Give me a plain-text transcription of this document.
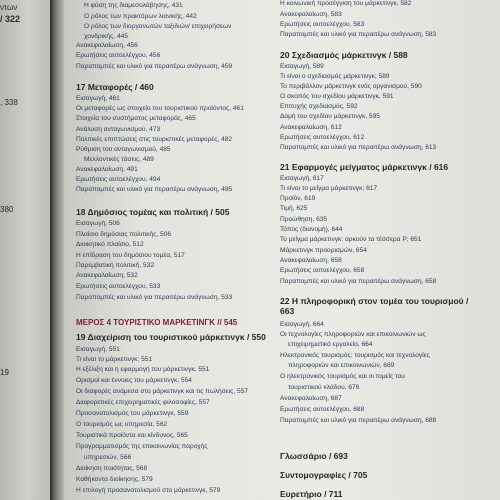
ντων
/ 322
, 338
380
19
Η φύση της διαμεσολάβησης, 431
Ο ρόλος των πρακτόρων λιανικής, 442
Ο ρόλος των διοργανωτών ταξιδιών/ επιχειρήσεων
χονδρικής, 445
Ανακεφαλαίωση, 456
Ερωτήσεις αυτοελέγχου, 456
Παραπομπές και υλικό για περαιτέρω ανάγνωση, 459
17 Μεταφορές / 460
Εισαγωγή, 461
Οι μεταφορές ως στοιχείο του τουριστικού προϊόντος, 461
Στοιχεία του συστήματος μεταφοράς, 465
Ανάλυση ανταγωνισμού, 473
Πολιτικές επιπτώσεις στις τουριστικές μεταφορές, 482
Ρύθμιση του ανταγωνισμού, 485
Μελλοντικές τάσεις, 489
Ανακεφαλαίωση, 491
Ερωτήσεις αυτοελέγχου, 494
Παραπομπές και υλικό για περαιτέρω ανάγνωση, 495
18 Δημόσιος τομέας και πολιτική / 505
Εισαγωγή, 506
Πλαίσιο δημόσιας πολιτικής, 506
Διοικητικό πλαίσιο, 512
Η επίδραση του δημόσιου τομέα, 517
Παρεμβατική πολιτική, 532
Ανακεφαλαίωση, 532
Ερωτήσεις αυτοελέγχου, 533
Παραπομπές και υλικό για περαιτέρω ανάγνωση, 533
ΜΕΡΟΣ 4 ΤΟΥΡΙΣΤΙΚΟ ΜΑΡΚΕΤΙΝΓΚ // 545
19 Διαχείριση του τουριστικού μάρκετινγκ / 550
Εισαγωγή, 551
Τι είναι το μάρκετινγκ; 551
Η εξέλιξη και η εφαρμογή του μάρκετινγκ, 551
Ορισμοί και έννοιες του μάρκετινγκ, 554
Οι διαφορές ανάμεσα στο μάρκετινγκ και τις πωλήσεις, 557
Διαφορετικές επιχειρηματικές φιλοσοφίες, 557
Προσανατολισμός του μάρκετινγκ, 559
Ο τουρισμός ως υπηρεσία, 562
Τουριστικά προϊόντα και κίνδυνος, 565
Προγραμματισμός της επικοινωνίας παροχής
υπηρεσιών, 566
Διοίκηση ποιότητας, 568
Καθήκοντα διοίκησης, 579
Η επιλογή προσανατολισμού στο μάρκετινγκ, 579
Η κοινωνική προσέγγιση του μάρκετινγκ, 582
Ανακεφαλαίωση, 583
Ερωτήσεις αυτοελέγχου, 583
Παραπομπές και υλικό για περαιτέρω ανάγνωση, 583
20 Σχεδιασμός μάρκετινγκ / 588
Εισαγωγή, 589
Τι είναι ο σχεδιασμός μάρκετινγκ; 589
Το περιβάλλον μάρκετινγκ ενός οργανισμού, 590
Ο σκοπός του σχεδίου μάρκετινγκ, 591
Επιτυχής σχεδιασμός, 592
Δομή του σχεδίου μάρκετινγκ, 595
Ανακεφαλαίωση, 612
Ερωτήσεις αυτοελέγχου, 612
Παραπομπές και υλικό για περαιτέρω ανάγνωση, 613
21 Εφαρμογές μείγματος μάρκετινγκ / 616
Εισαγωγή, 617
Τι είναι το μείγμα μάρκετινγκ; 617
Προϊόν, 619
Τιμή, 625
Προώθηση, 635
Τόπος (διανομή), 644
Το μείγμα μάρκετινγκ: αρκούν τα τέσσερα P; 651
Μάρκετινγκ προορισμών, 654
Ανακεφαλαίωση, 658
Ερωτήσεις αυτοελέγχου, 658
Παραπομπές και υλικό για περαιτέρω ανάγνωση, 658
22 Η πληροφορική στον τομέα του τουρισμού / 663
Εισαγωγή, 664
Οι τεχνολογίες πληροφοριών και επικοινωνιών ως
επιχειρηματικό εργαλείο, 664
Ηλεκτρονικός τουρισμός: τουρισμός και τεχνολογίες
πληροφοριών και επικοινωνιών, 669
Ο ηλεκτρονικός τουρισμός και οι τομείς του
τουριστικού κλάδου, 676
Ανακεφαλαίωση, 687
Ερωτήσεις αυτοελέγχου, 688
Παραπομπές και υλικό για περαιτέρω ανάγνωση, 688
Γλωσσάριο / 693
Συντομογραφίες / 705
Ευρετήριο / 711
